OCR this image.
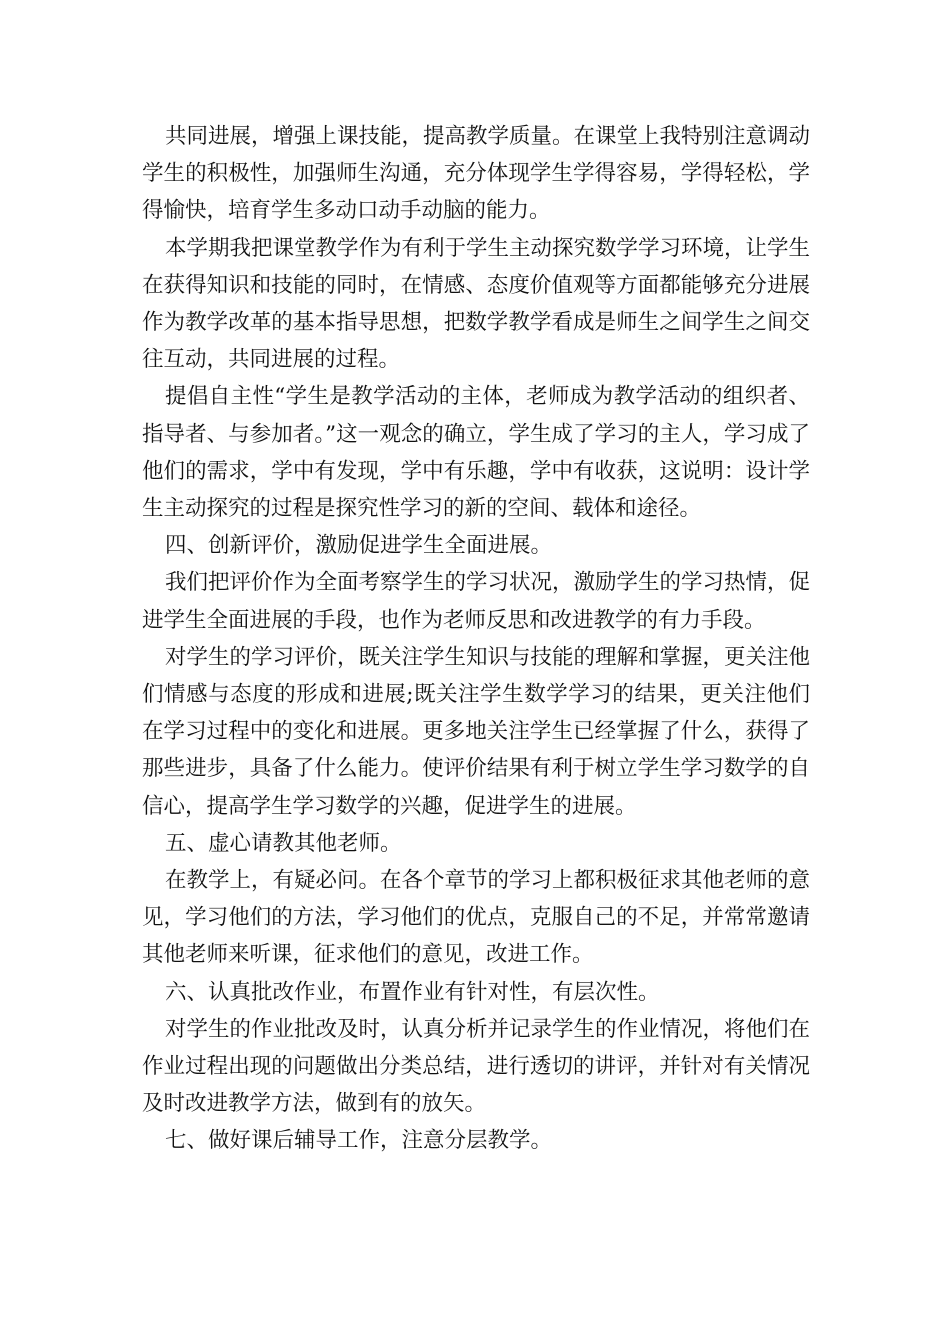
共同进展，增强上课技能，提高教学质量。在课堂上我特别注意调动学生的积极性，加强师生沟通，充分体现学生学得容易，学得轻松，学得愉快，培育学生多动口动手动脑的能力。

本学期我把课堂教学作为有利于学生主动探究数学学习环境，让学生在获得知识和技能的同时，在情感、态度价值观等方面都能够充分进展作为教学改革的基本指导思想，把数学教学看成是师生之间学生之间交往互动，共同进展的过程。

提倡自主性“学生是教学活动的主体，老师成为教学活动的组织者、指导者、与参加者。”这一观念的确立，学生成了学习的主人，学习成了他们的需求，学中有发现，学中有乐趣，学中有收获，这说明：设计学生主动探究的过程是探究性学习的新的空间、载体和途径。

四、创新评价，激励促进学生全面进展。

我们把评价作为全面考察学生的学习状况，激励学生的学习热情，促进学生全面进展的手段，也作为老师反思和改进教学的有力手段。

对学生的学习评价，既关注学生知识与技能的理解和掌握，更关注他们情感与态度的形成和进展;既关注学生数学学习的结果，更关注他们在学习过程中的变化和进展。更多地关注学生已经掌握了什么，获得了那些进步，具备了什么能力。使评价结果有利于树立学生学习数学的自信心，提高学生学习数学的兴趣，促进学生的进展。

五、虚心请教其他老师。

在教学上，有疑必问。在各个章节的学习上都积极征求其他老师的意见，学习他们的方法，学习他们的优点，克服自己的不足，并常常邀请其他老师来听课，征求他们的意见，改进工作。

六、认真批改作业，布置作业有针对性，有层次性。

对学生的作业批改及时，认真分析并记录学生的作业情况，将他们在作业过程出现的问题做出分类总结，进行透切的讲评，并针对有关情况及时改进教学方法，做到有的放矢。

七、做好课后辅导工作，注意分层教学。
